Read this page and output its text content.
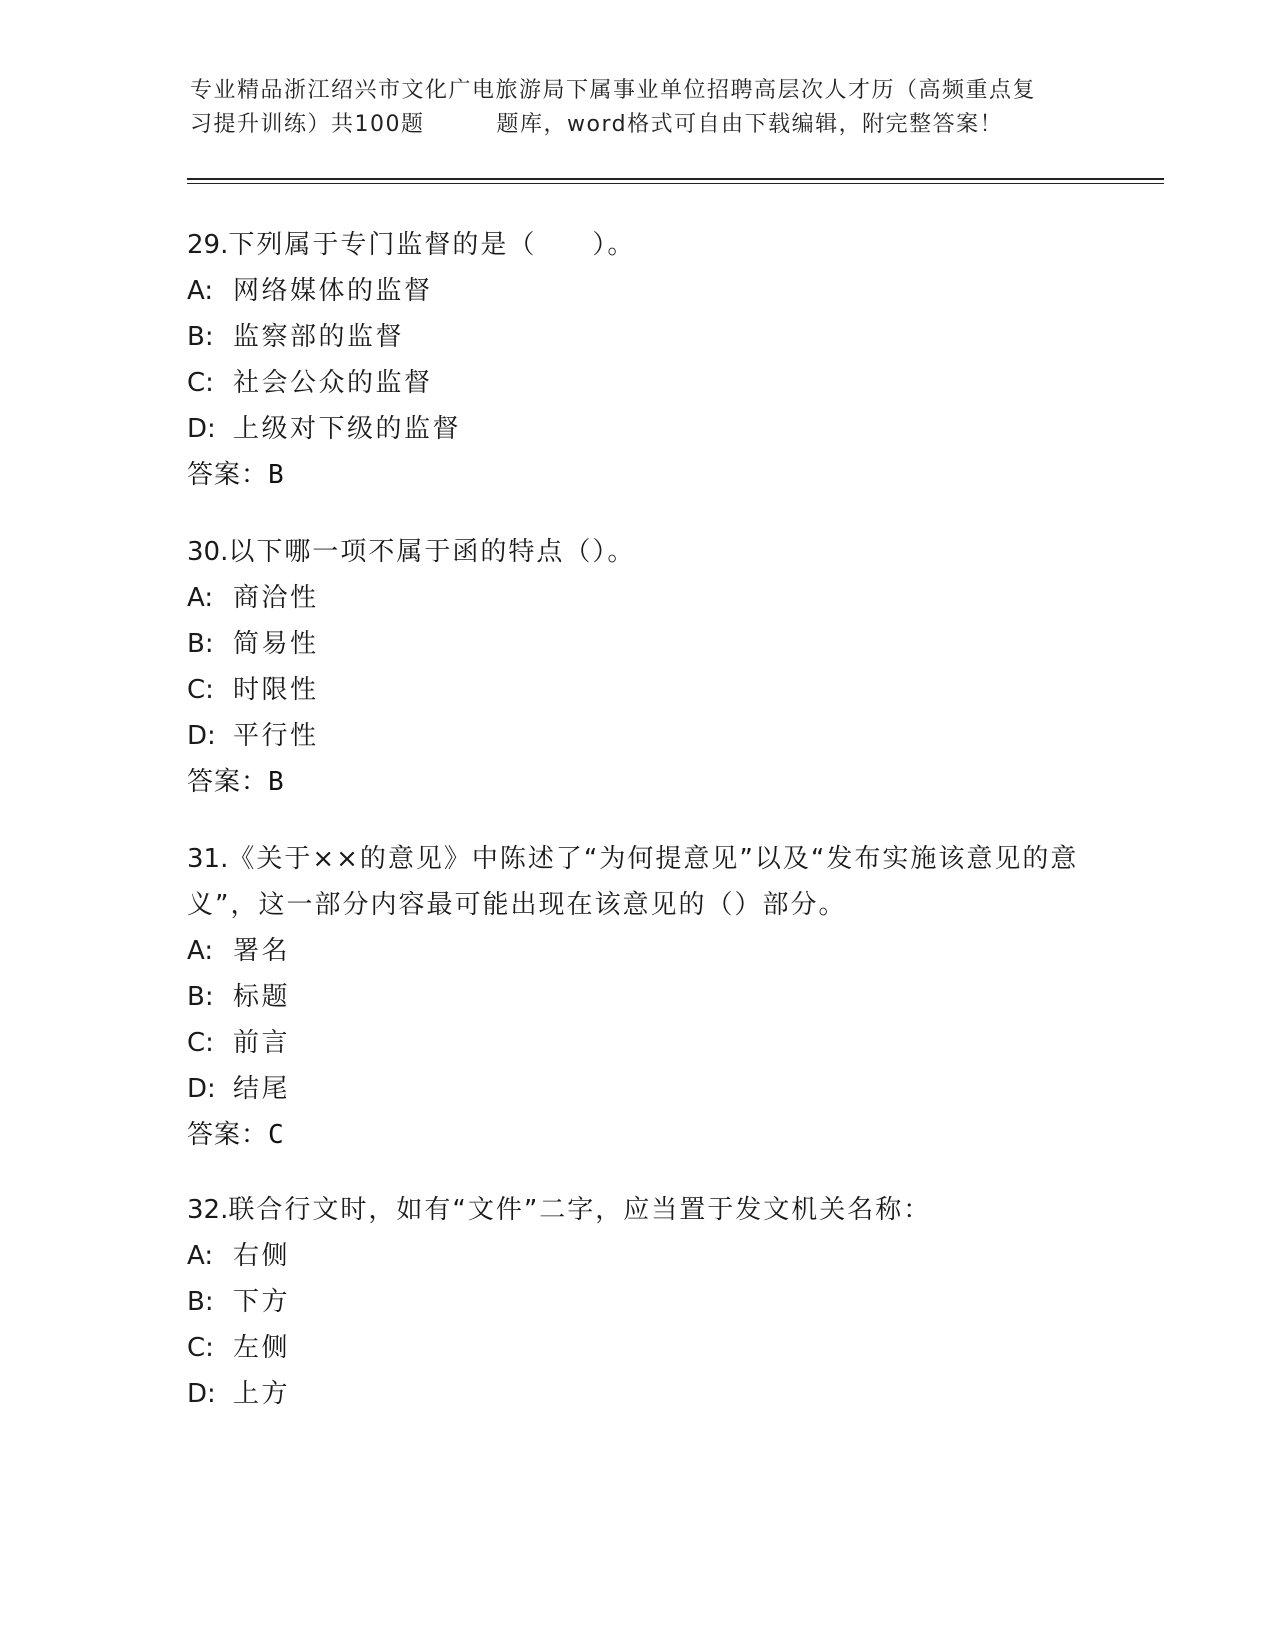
专业精品浙江绍兴市文化广电旅游局下属事业单位招聘高层次人才历（高频重点复
习提升训练）共100题	题库，word格式可自由下载编辑，附完整答案！

29.下列属于专门监督的是（　　）。

A: 网络媒体的监督

B: 监察部的监督

C: 社会公众的监督

D: 上级对下级的监督

答案：B

30.以下哪一项不属于函的特点（）。

A: 商洽性

B: 简易性

C: 时限性

D: 平行性

答案：B

31.《关于××的意见》中陈述了“为何提意见”以及“发布实施该意见的意义”，这一部分内容最可能出现在该意见的（）部分。

A: 署名

B: 标题

C: 前言

D: 结尾

答案：C

32.联合行文时，如有“文件”二字，应当置于发文机关名称：

A: 右侧

B: 下方

C: 左侧

D: 上方
